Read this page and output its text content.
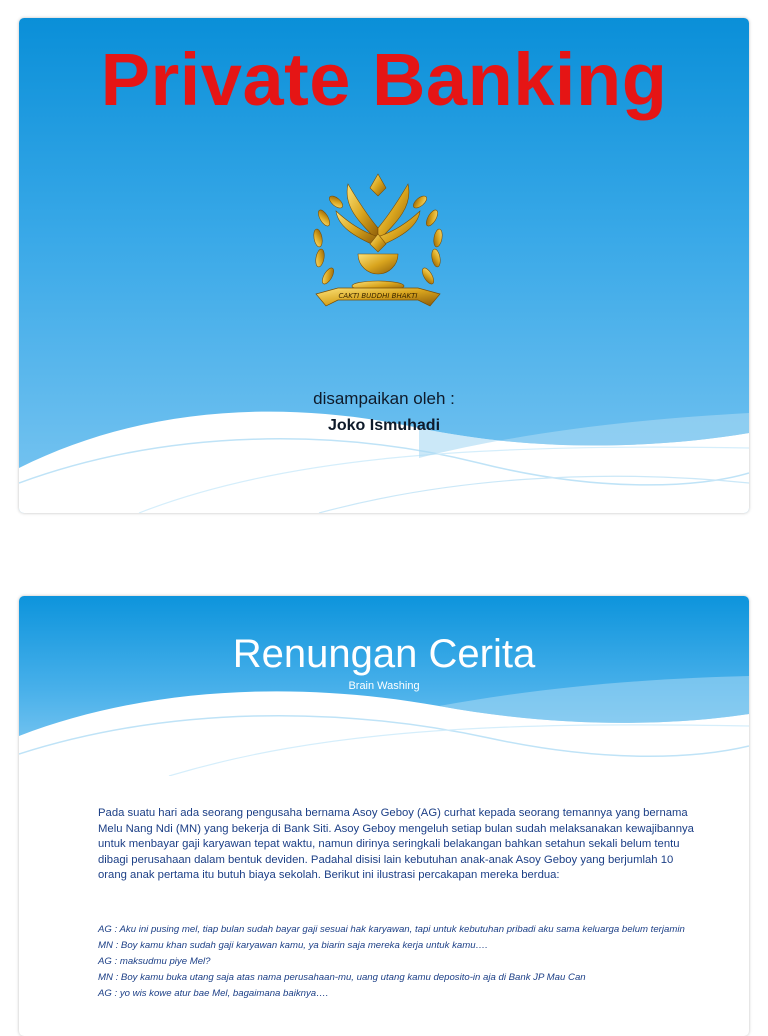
Private Banking
CAKTI BUDDHI BHAKTI
disampaikan oleh :
Joko Ismuhadi
Renungan Cerita
Brain Washing

Pada suatu hari ada seorang pengusaha bernama Asoy Geboy (AG) curhat kepada seorang temannya yang bernama Melu Nang Ndi (MN) yang bekerja di Bank Siti. Asoy Geboy mengeluh setiap bulan sudah melaksanakan kewajibannya untuk menbayar gaji karyawan tepat waktu, namun dirinya seringkali belakangan bahkan setahun sekali belum tentu dibagi perusahaan dalam bentuk deviden. Padahal disisi lain kebutuhan anak-anak Asoy Geboy yang berjumlah 10 orang anak pertama itu butuh biaya sekolah. Berikut ini ilustrasi percakapan mereka berdua:

AG : Aku ini pusing mel, tiap bulan sudah bayar gaji sesuai hak karyawan, tapi untuk kebutuhan pribadi aku sama keluarga belum terjamin
MN : Boy kamu khan sudah gaji karyawan kamu, ya biarin saja mereka kerja untuk kamu….
AG : maksudmu piye Mel?
MN : Boy kamu buka utang saja atas nama perusahaan-mu, uang utang kamu deposito-in aja di Bank JP Mau Can
AG : yo wis kowe atur bae Mel, bagaimana baiknya….
